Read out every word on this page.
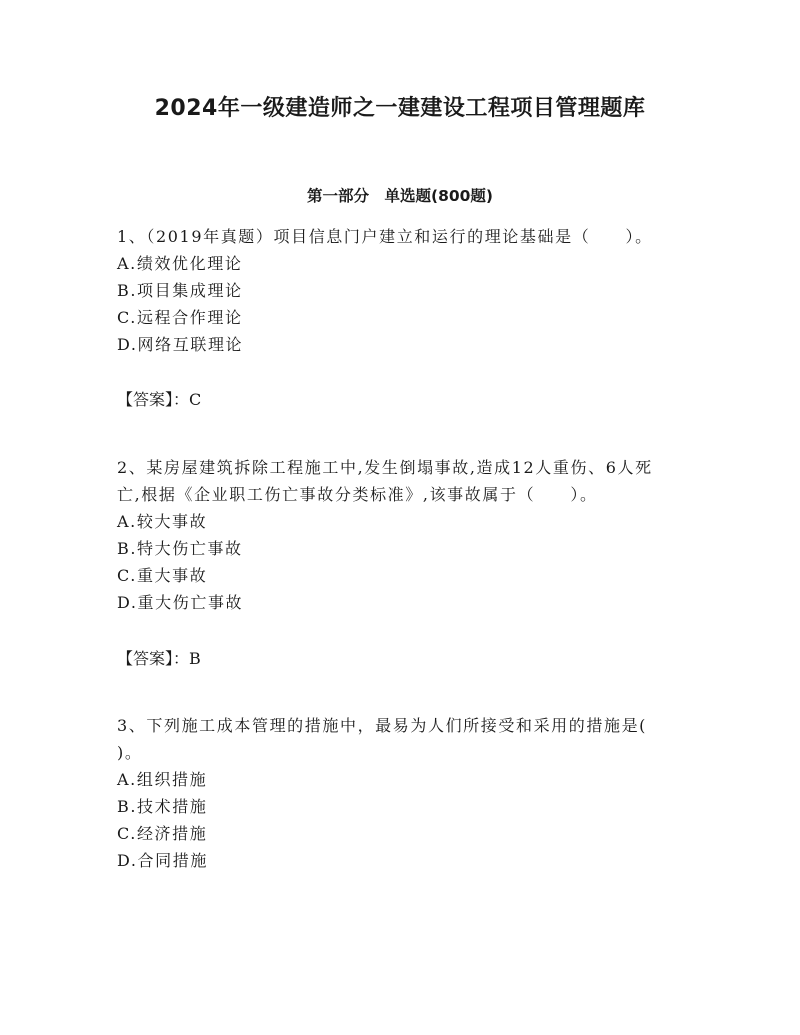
2024年一级建造师之一建建设工程项目管理题库
第一部分　单选题(800题)
1、（2019年真题）项目信息门户建立和运行的理论基础是（　　）。
A.绩效优化理论
B.项目集成理论
C.远程合作理论
D.网络互联理论
【答案】：C
2、某房屋建筑拆除工程施工中,发生倒塌事故,造成12人重伤、6人死
亡,根据《企业职工伤亡事故分类标准》,该事故属于（　　）。
A.较大事故
B.特大伤亡事故
C.重大事故
D.重大伤亡事故
【答案】：B
3、下列施工成本管理的措施中，最易为人们所接受和采用的措施是(
)。
A.组织措施
B.技术措施
C.经济措施
D.合同措施
